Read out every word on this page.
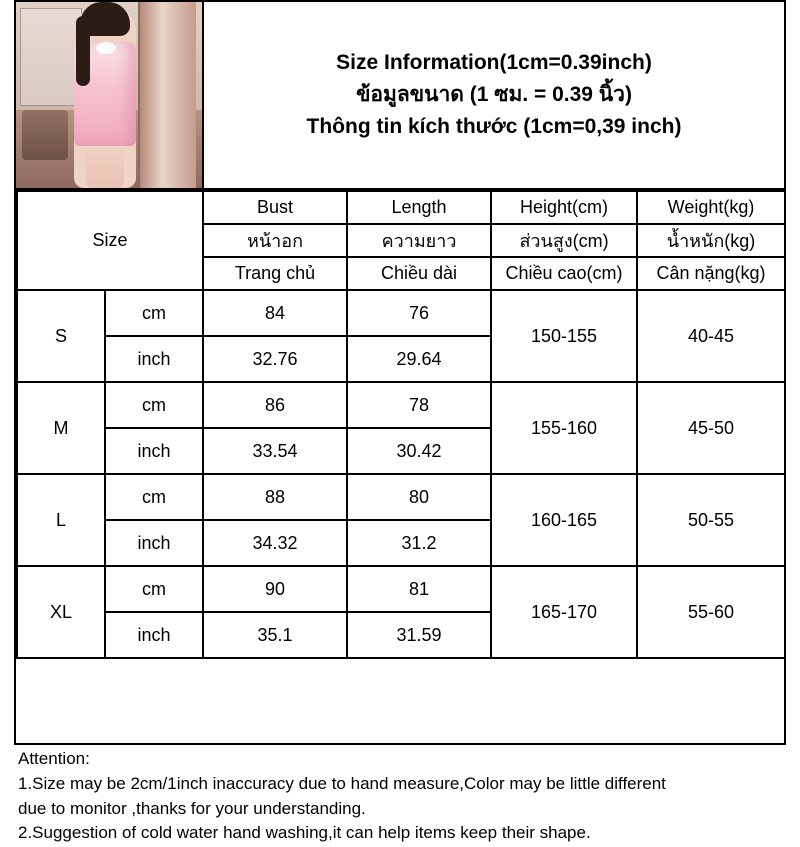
Size Information(1cm=0.39inch)
ข้อมูลขนาด (1 ซม. = 0.39 นิ้ว)
Thông tin kích thước (1cm=0,39 inch)
Size		Bust	Length	Height(cm)	Weight(kg)
		หน้าอก	ความยาว	ส่วนสูง(cm)	น้ำหนัก(kg)
		Trang chủ	Chiều dài	Chiều cao(cm)	Cân nặng(kg)
S	cm	84	76	150-155	40-45
	inch	32.76	29.64		
M	cm	86	78	155-160	45-50
	inch	33.54	30.42		
L	cm	88	80	160-165	50-55
	inch	34.32	31.2		
XL	cm	90	81	165-170	55-60
	inch	35.1	31.59		

Attention:

1.Size may be 2cm/1inch inaccuracy due to hand measure,Color may be little different

due to monitor ,thanks for your understanding.

2.Suggestion of cold water hand washing,it can help items keep their shape.
